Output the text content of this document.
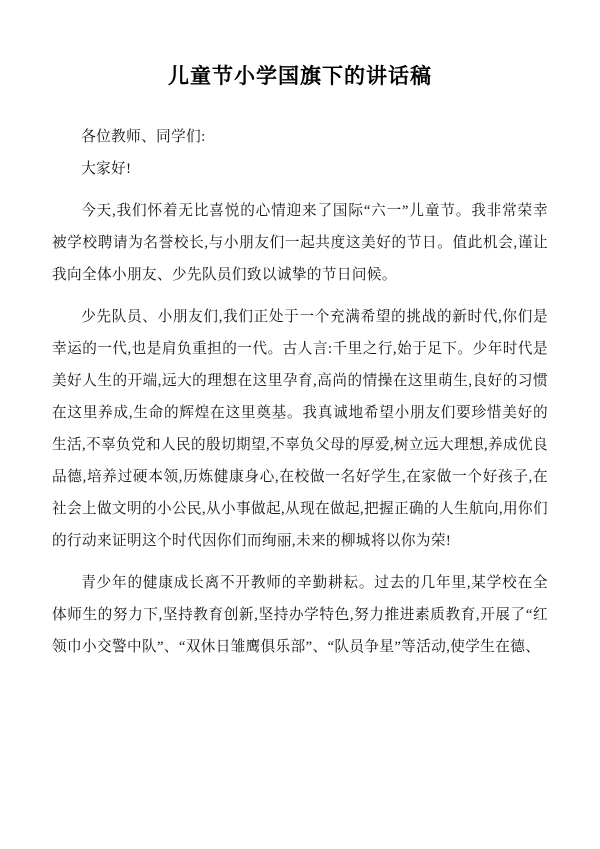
儿童节小学国旗下的讲话稿

各位教师、同学们:

大家好!

今天,我们怀着无比喜悦的心情迎来了国际“六一”儿童节。我非常荣幸被学校聘请为名誉校长,与小朋友们一起共度这美好的节日。值此机会,谨让我向全体小朋友、少先队员们致以诚挚的节日问候。

少先队员、小朋友们,我们正处于一个充满希望的挑战的新时代,你们是幸运的一代,也是肩负重担的一代。古人言:千里之行,始于足下。少年时代是美好人生的开端,远大的理想在这里孕育,高尚的情操在这里萌生,良好的习惯在这里养成,生命的辉煌在这里奠基。我真诚地希望小朋友们要珍惜美好的生活,不辜负党和人民的殷切期望,不辜负父母的厚爱,树立远大理想,养成优良品德,培养过硬本领,历炼健康身心,在校做一名好学生,在家做一个好孩子,在社会上做文明的小公民,从小事做起,从现在做起,把握正确的人生航向,用你们的行动来证明这个时代因你们而绚丽,未来的柳城将以你为荣!

青少年的健康成长离不开教师的辛勤耕耘。过去的几年里,某学校在全体师生的努力下,坚持教育创新,坚持办学特色,努力推进素质教育,开展了“红领巾小交警中队”、“双休日雏鹰俱乐部”、“队员争星”等活动,使学生在德、
